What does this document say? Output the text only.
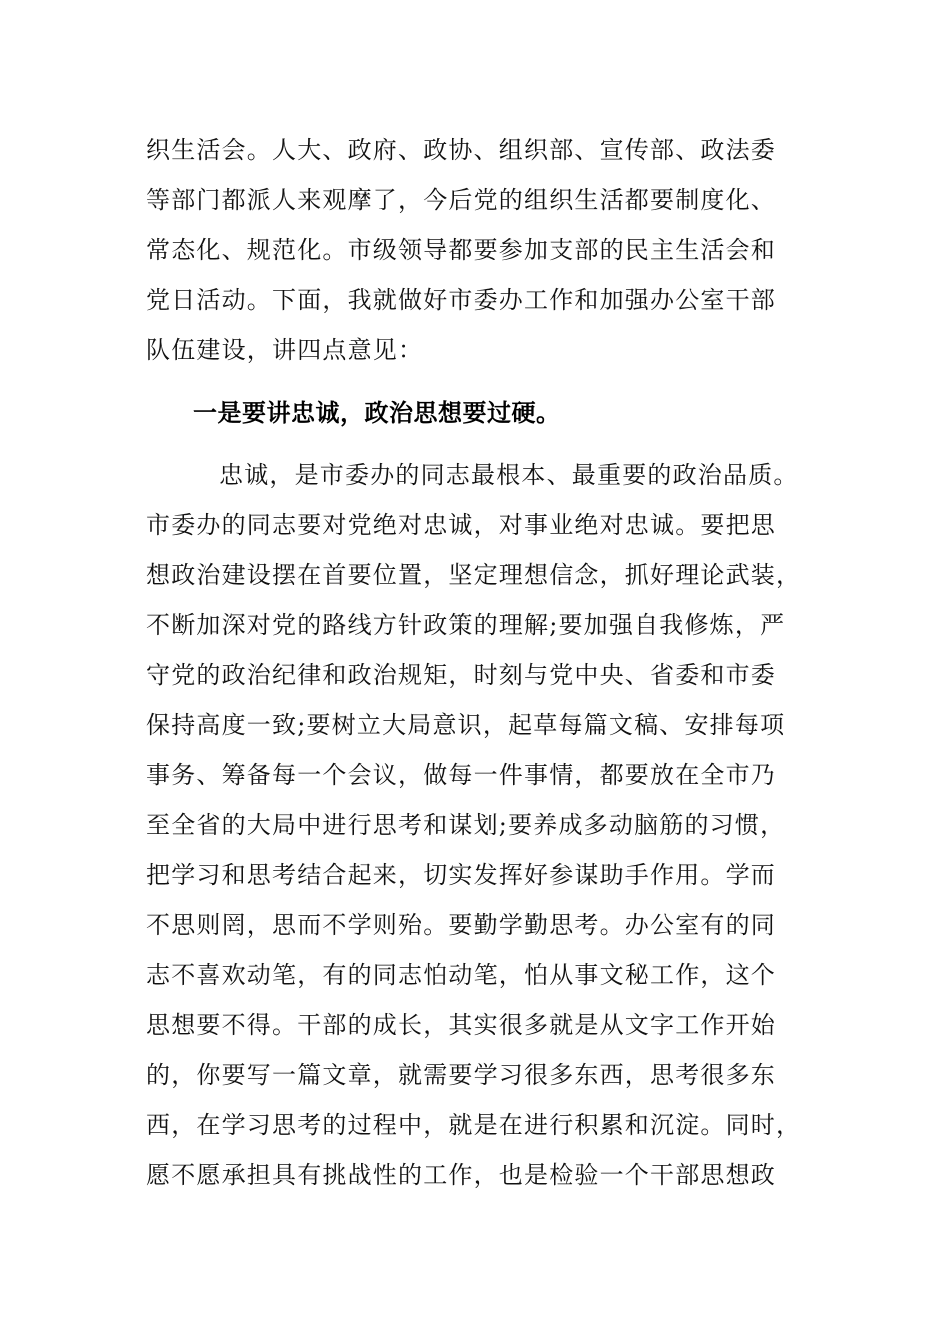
织生活会。人大、政府、政协、组织部、宣传部、政法委
等部门都派人来观摩了，今后党的组织生活都要制度化、
常态化、规范化。市级领导都要参加支部的民主生活会和
党日活动。下面，我就做好市委办工作和加强办公室干部
队伍建设，讲四点意见：
一是要讲忠诚，政治思想要过硬。
忠诚，是市委办的同志最根本、最重要的政治品质。
市委办的同志要对党绝对忠诚，对事业绝对忠诚。要把思
想政治建设摆在首要位置，坚定理想信念，抓好理论武装，
不断加深对党的路线方针政策的理解;要加强自我修炼，严
守党的政治纪律和政治规矩，时刻与党中央、省委和市委
保持高度一致;要树立大局意识，起草每篇文稿、安排每项
事务、筹备每一个会议，做每一件事情，都要放在全市乃
至全省的大局中进行思考和谋划;要养成多动脑筋的习惯，
把学习和思考结合起来，切实发挥好参谋助手作用。学而
不思则罔，思而不学则殆。要勤学勤思考。办公室有的同
志不喜欢动笔，有的同志怕动笔，怕从事文秘工作，这个
思想要不得。干部的成长，其实很多就是从文字工作开始
的，你要写一篇文章，就需要学习很多东西，思考很多东
西，在学习思考的过程中，就是在进行积累和沉淀。同时，
愿不愿承担具有挑战性的工作，也是检验一个干部思想政
